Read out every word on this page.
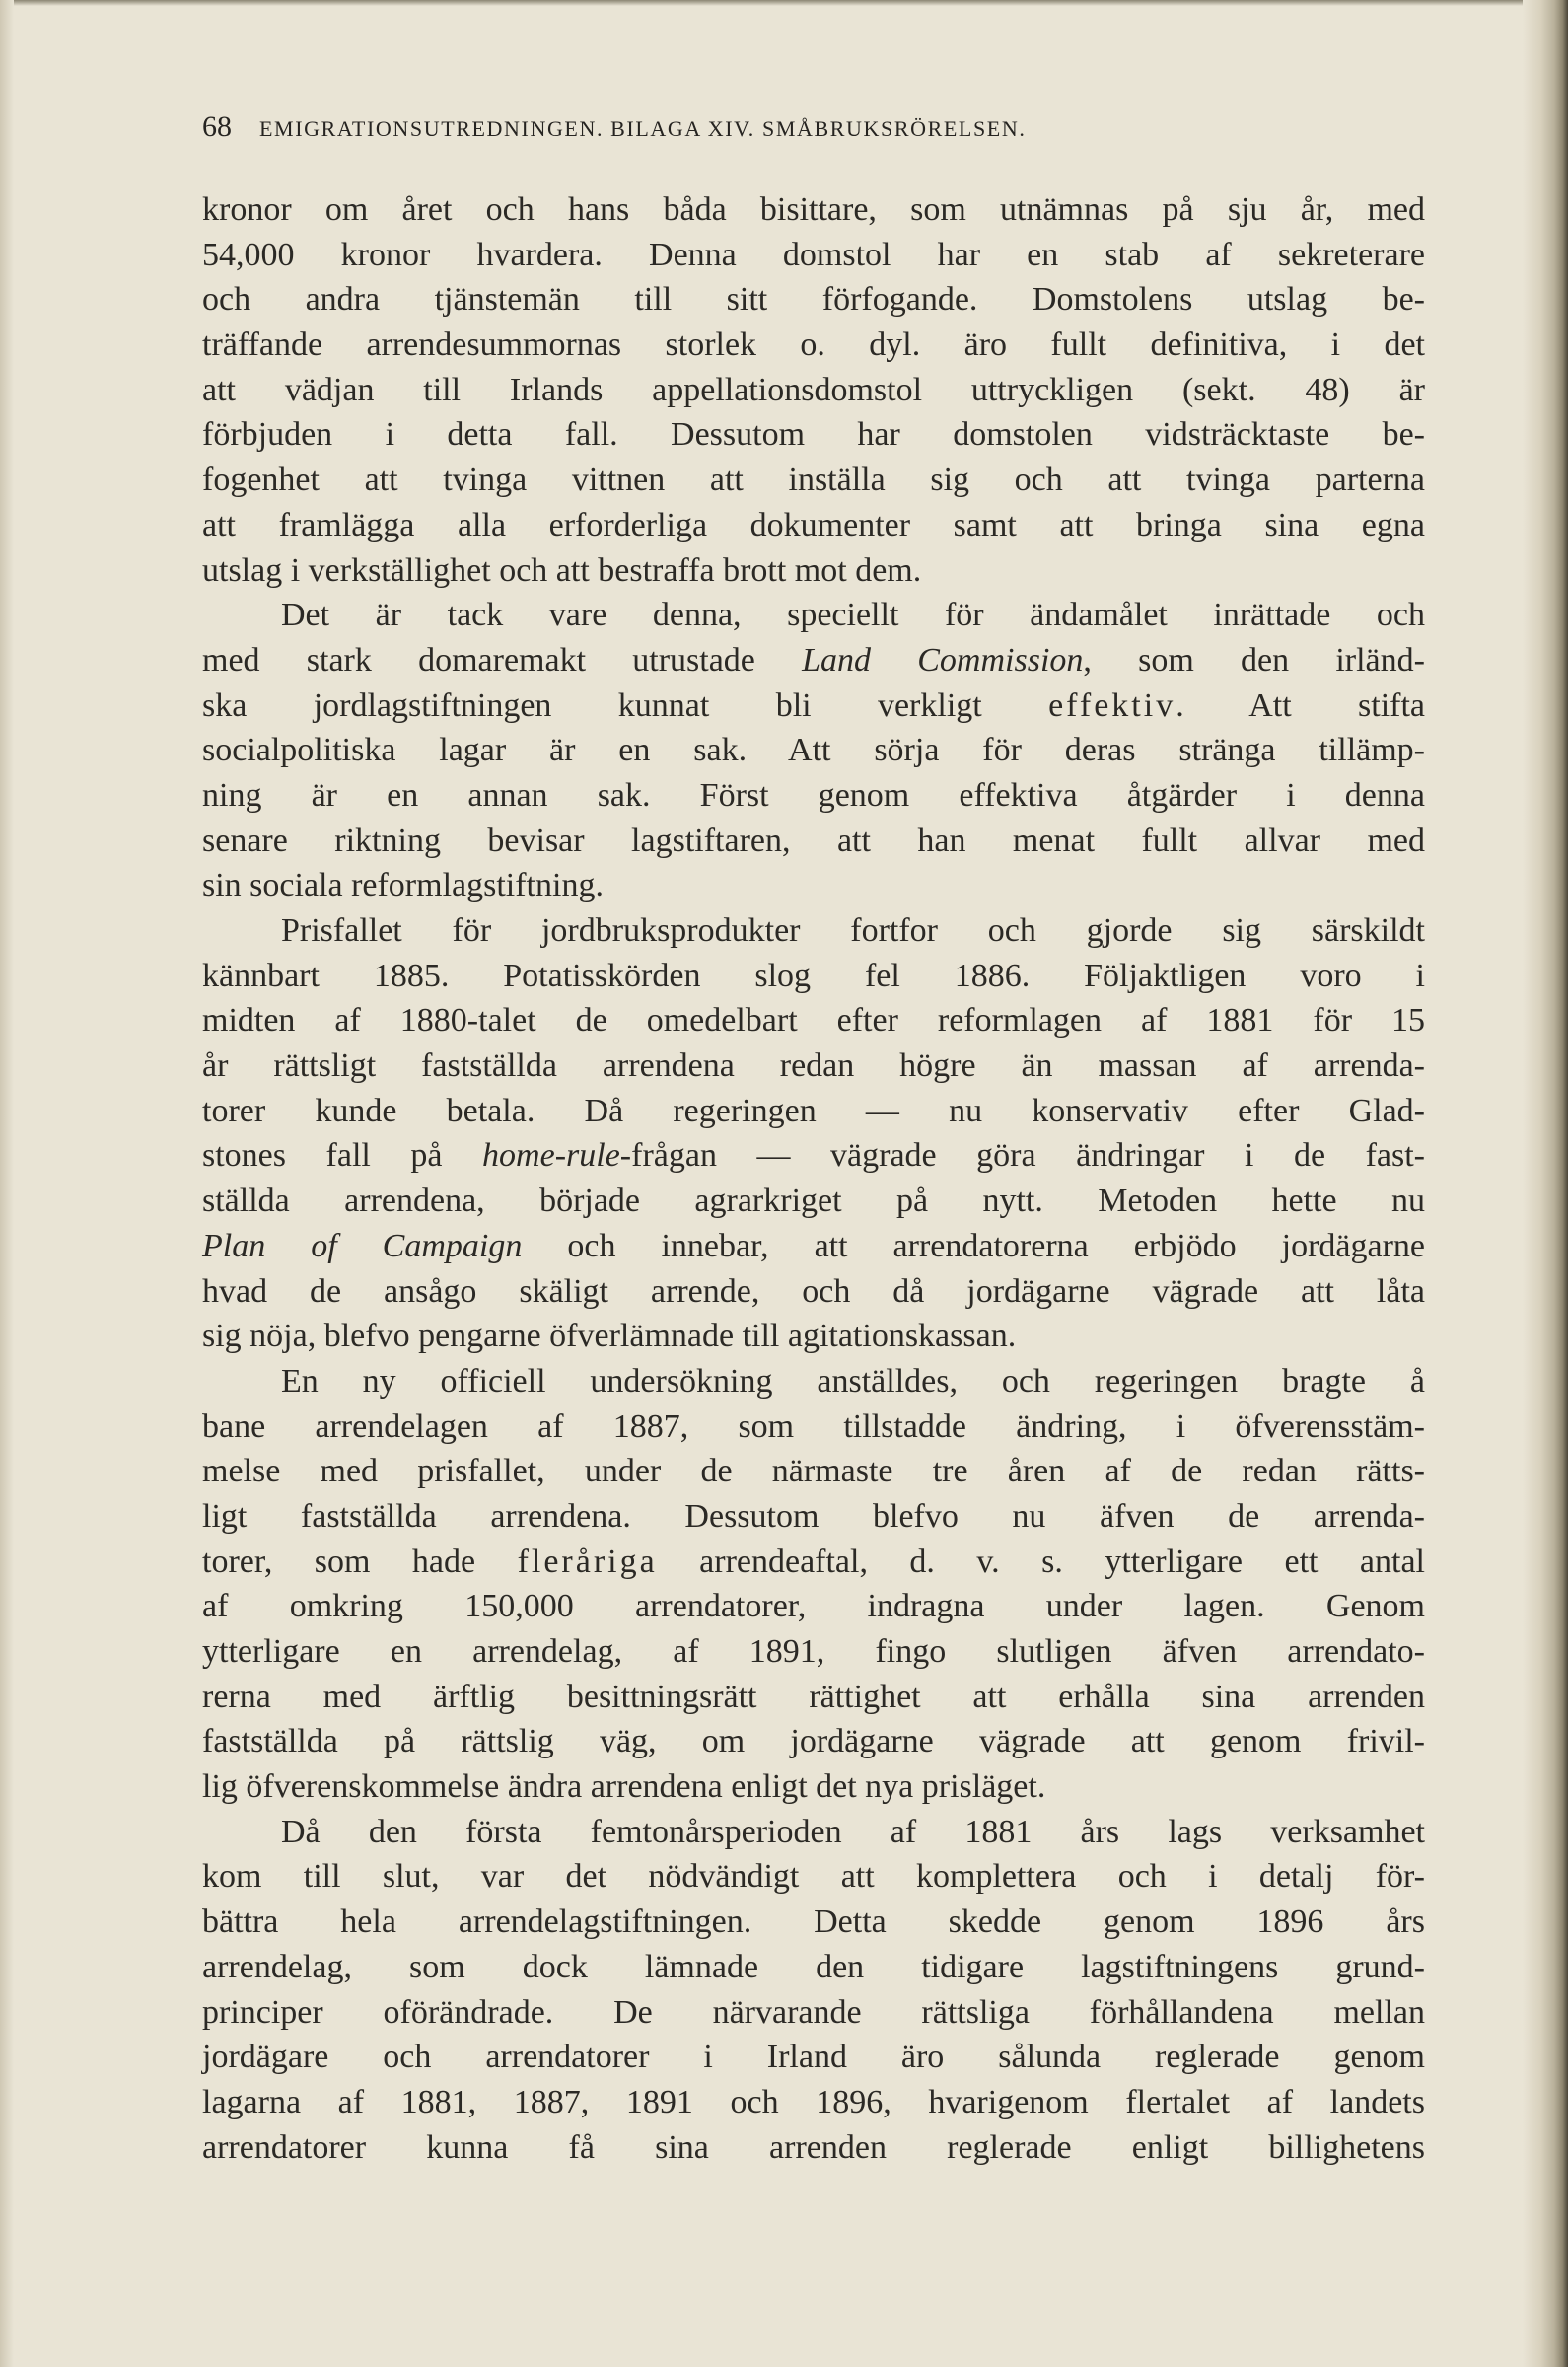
68	EMIGRATIONSUTREDNINGEN. BILAGA XIV. SMÅBRUKSRÖRELSEN.
kronor om året och hans båda bisittare, som utnämnas på sju år, med
54,000 kronor hvardera. Denna domstol har en stab af sekreterare
och andra tjänstemän till sitt förfogande. Domstolens utslag be-
träffande arrendesummornas storlek o. dyl. äro fullt definitiva, i det
att vädjan till Irlands appellationsdomstol uttryckligen (sekt. 48) är
förbjuden i detta fall. Dessutom har domstolen vidsträcktaste be-
fogenhet att tvinga vittnen att inställa sig och att tvinga parterna
att framlägga alla erforderliga dokumenter samt att bringa sina egna
utslag i verkställighet och att bestraffa brott mot dem.
Det är tack vare denna, speciellt för ändamålet inrättade och
med stark domaremakt utrustade Land Commission, som den irländ-
ska jordlagstiftningen kunnat bli verkligt effektiv. Att stifta
socialpolitiska lagar är en sak. Att sörja för deras stränga tillämp-
ning är en annan sak. Först genom effektiva åtgärder i denna
senare riktning bevisar lagstiftaren, att han menat fullt allvar med
sin sociala reformlagstiftning.
Prisfallet för jordbruksprodukter fortfor och gjorde sig särskildt
kännbart 1885. Potatisskörden slog fel 1886. Följaktligen voro i
midten af 1880-talet de omedelbart efter reformlagen af 1881 för 15
år rättsligt fastställda arrendena redan högre än massan af arrenda-
torer kunde betala. Då regeringen — nu konservativ efter Glad-
stones fall på home-rule-frågan — vägrade göra ändringar i de fast-
ställda arrendena, började agrarkriget på nytt. Metoden hette nu
Plan of Campaign och innebar, att arrendatorerna erbjödo jordägarne
hvad de ansågo skäligt arrende, och då jordägarne vägrade att låta
sig nöja, blefvo pengarne öfverlämnade till agitationskassan.
En ny officiell undersökning anställdes, och regeringen bragte å
bane arrendelagen af 1887, som tillstadde ändring, i öfverensstäm-
melse med prisfallet, under de närmaste tre åren af de redan rätts-
ligt fastställda arrendena. Dessutom blefvo nu äfven de arrenda-
torer, som hade fleråriga arrendeaftal, d. v. s. ytterligare ett antal
af omkring 150,000 arrendatorer, indragna under lagen. Genom
ytterligare en arrendelag, af 1891, fingo slutligen äfven arrendato-
rerna med ärftlig besittningsrätt rättighet att erhålla sina arrenden
fastställda på rättslig väg, om jordägarne vägrade att genom frivil-
lig öfverenskommelse ändra arrendena enligt det nya prisläget.
Då den första femtonårsperioden af 1881 års lags verksamhet
kom till slut, var det nödvändigt att komplettera och i detalj för-
bättra hela arrendelagstiftningen. Detta skedde genom 1896 års
arrendelag, som dock lämnade den tidigare lagstiftningens grund-
principer oförändrade. De närvarande rättsliga förhållandena mellan
jordägare och arrendatorer i Irland äro sålunda reglerade genom
lagarna af 1881, 1887, 1891 och 1896, hvarigenom flertalet af landets
arrendatorer kunna få sina arrenden reglerade enligt billighetens
